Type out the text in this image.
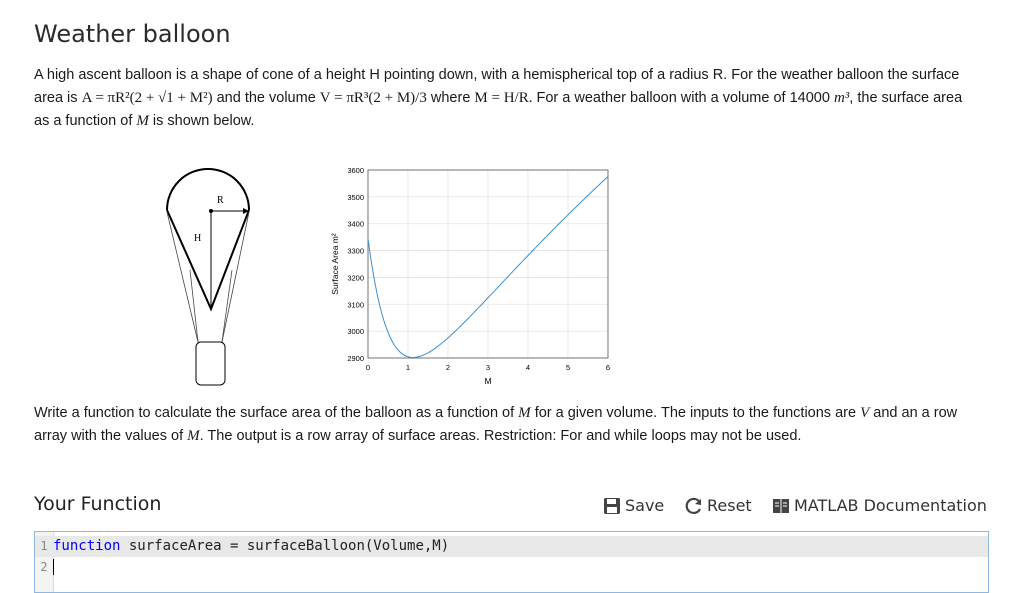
Weather balloon
A high ascent balloon is a shape of cone of a height H pointing down, with a hemispherical top of a radius R. For the weather balloon the surface area is A = πR²(2 + √1 + M²) and the volume V = πR³(2 + M)/3 where M = H/R. For a weather balloon with a volume of 14000 m³, the surface area as a function of M is shown below.
R
H
0	1	2	3	4	5	6
2900
3000
3100
3200
3300
3400
3500
3600
M
Surface Area m²
Write a function to calculate the surface area of the balloon as a function of M for a given volume. The inputs to the functions are V and an a row array with the values of M. The output is a row array of surface areas. Restriction: For and while loops may not be used.
Your Function	Save	Reset	MATLAB Documentation
1 function surfaceArea = surfaceBalloon(Volume,M)
2
